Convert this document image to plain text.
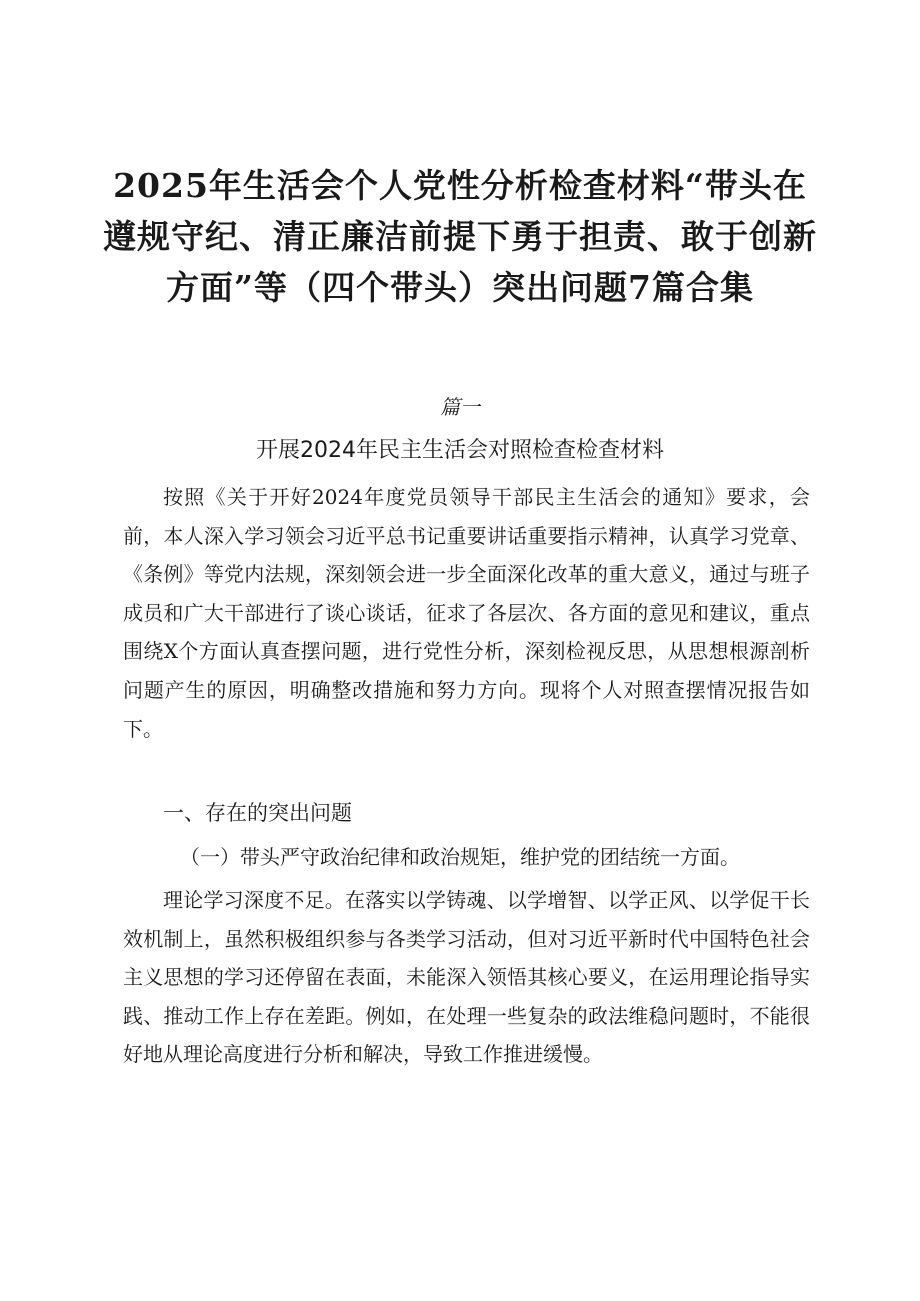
2025年生活会个人党性分析检查材料“带头在遵规守纪、清正廉洁前提下勇于担责、敢于创新方面”等（四个带头）突出问题7篇合集
篇一
开展2024年民主生活会对照检查检查材料

按照《关于开好2024年度党员领导干部民主生活会的通知》要求，会前，本人深入学习领会习近平总书记重要讲话重要指示精神，认真学习党章、《条例》等党内法规，深刻领会进一步全面深化改革的重大意义，通过与班子成员和广大干部进行了谈心谈话，征求了各层次、各方面的意见和建议，重点围绕X个方面认真查摆问题，进行党性分析，深刻检视反思，从思想根源剖析问题产生的原因，明确整改措施和努力方向。现将个人对照查摆情况报告如下。

一、存在的突出问题

（一）带头严守政治纪律和政治规矩，维护党的团结统一方面。

理论学习深度不足。在落实以学铸魂、以学增智、以学正风、以学促干长效机制上，虽然积极组织参与各类学习活动，但对习近平新时代中国特色社会主义思想的学习还停留在表面，未能深入领悟其核心要义，在运用理论指导实践、推动工作上存在差距。例如，在处理一些复杂的政法维稳问题时，不能很好地从理论高度进行分析和解决，导致工作推进缓慢。
